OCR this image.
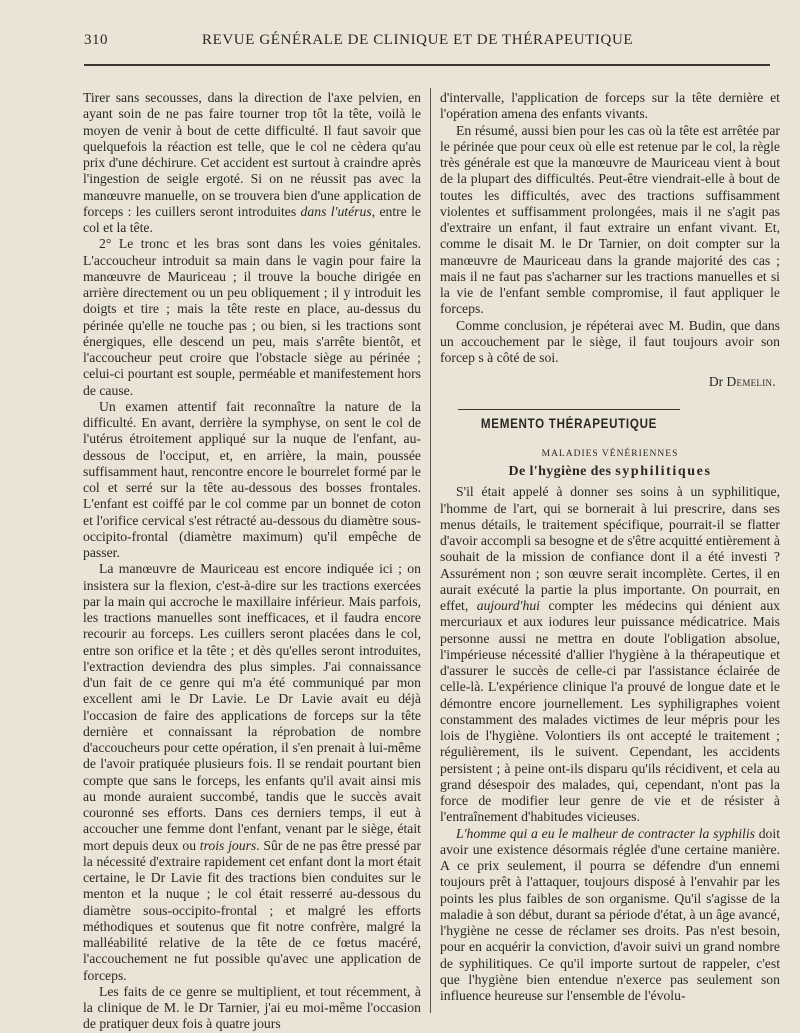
310	REVUE GÉNÉRALE DE CLINIQUE ET DE THÉRAPEUTIQUE

Tirer sans secousses, dans la direction de l'axe pelvien, en ayant soin de ne pas faire tourner trop tôt la tête, voilà le moyen de venir à bout de cette difficulté. Il faut savoir que quelquefois la réaction est telle, que le col ne cèdera qu'au prix d'une déchirure. Cet accident est surtout à craindre après l'ingestion de seigle ergoté. Si on ne réussit pas avec la manœuvre manuelle, on se trouvera bien d'une application de forceps : les cuillers seront introduites dans l'utérus, entre le col et la tête.

2° Le tronc et les bras sont dans les voies génitales. L'accoucheur introduit sa main dans le vagin pour faire la manœuvre de Mauriceau ; il trouve la bouche dirigée en arrière directement ou un peu obliquement ; il y introduit les doigts et tire ; mais la tête reste en place, au-dessus du périnée qu'elle ne touche pas ; ou bien, si les tractions sont énergiques, elle descend un peu, mais s'arrête bientôt, et l'accoucheur peut croire que l'obstacle siège au périnée ; celui-ci pourtant est souple, perméable et manifestement hors de cause.

Un examen attentif fait reconnaître la nature de la difficulté. En avant, derrière la symphyse, on sent le col de l'utérus étroitement appliqué sur la nuque de l'enfant, au-dessous de l'occiput, et, en arrière, la main, poussée suffisamment haut, rencontre encore le bourrelet formé par le col et serré sur la tête au-dessous des bosses frontales. L'enfant est coiffé par le col comme par un bonnet de coton et l'orifice cervical s'est rétracté au-dessous du diamètre sous-occipito-frontal (diamètre maximum) qu'il empêche de passer.

La manœuvre de Mauriceau est encore indiquée ici ; on insistera sur la flexion, c'est-à-dire sur les tractions exercées par la main qui accroche le maxillaire inférieur. Mais parfois, les tractions manuelles sont inefficaces, et il faudra encore recourir au forceps. Les cuillers seront placées dans le col, entre son orifice et la tête ; et dès qu'elles seront introduites, l'extraction deviendra des plus simples. J'ai connaissance d'un fait de ce genre qui m'a été communiqué par mon excellent ami le Dr Lavie. Le Dr Lavie avait eu déjà l'occasion de faire des applications de forceps sur la tête dernière et connaissant la réprobation de nombre d'accoucheurs pour cette opération, il s'en prenait à lui-même de l'avoir pratiquée plusieurs fois. Il se rendait pourtant bien compte que sans le forceps, les enfants qu'il avait ainsi mis au monde auraient succombé, tandis que le succès avait couronné ses efforts. Dans ces derniers temps, il eut à accoucher une femme dont l'enfant, venant par le siège, était mort depuis deux ou trois jours. Sûr de ne pas être pressé par la nécessité d'extraire rapidement cet enfant dont la mort était certaine, le Dr Lavie fit des tractions bien conduites sur le menton et la nuque ; le col était resserré au-dessous du diamètre sous-occipito-frontal ; et malgré les efforts méthodiques et soutenus que fit notre confrère, malgré la malléabilité relative de la tête de ce fœtus macéré, l'accouchement ne fut possible qu'avec une application de forceps.

Les faits de ce genre se multiplient, et tout récemment, à la clinique de M. le Dr Tarnier, j'ai eu moi-même l'occasion de pratiquer deux fois à quatre jours

d'intervalle, l'application de forceps sur la tête dernière et l'opération amena des enfants vivants.

En résumé, aussi bien pour les cas où la tête est arrêtée par le périnée que pour ceux où elle est retenue par le col, la règle très générale est que la manœuvre de Mauriceau vient à bout de la plupart des difficultés. Peut-être viendrait-elle à bout de toutes les difficultés, avec des tractions suffisamment violentes et suffisamment prolongées, mais il ne s'agit pas d'extraire un enfant, il faut extraire un enfant vivant. Et, comme le disait M. le Dr Tarnier, on doit compter sur la manœuvre de Mauriceau dans la grande majorité des cas ; mais il ne faut pas s'acharner sur les tractions manuelles et si la vie de l'enfant semble compromise, il faut appliquer le forceps.

Comme conclusion, je répéterai avec M. Budin, que dans un accouchement par le siège, il faut toujours avoir son forcep s à côté de soi.

Dr Demelin.
MEMENTO THÉRAPEUTIQUE
MALADIES VÉNÉRIENNES
De l'hygiène des syphilitiques

S'il était appelé à donner ses soins à un syphilitique, l'homme de l'art, qui se bornerait à lui prescrire, dans ses menus détails, le traitement spécifique, pourrait-il se flatter d'avoir accompli sa besogne et de s'être acquitté entièrement à souhait de la mission de confiance dont il a été investi ? Assurément non ; son œuvre serait incomplète. Certes, il en aurait exécuté la partie la plus importante. On pourrait, en effet, aujourd'hui compter les médecins qui dénient aux mercuriaux et aux iodures leur puissance médicatrice. Mais personne aussi ne mettra en doute l'obligation absolue, l'impérieuse nécessité d'allier l'hygiène à la thérapeutique et d'assurer le succès de celle-ci par l'assistance éclairée de celle-là. L'expérience clinique l'a prouvé de longue date et le démontre encore journellement. Les syphiligraphes voient constamment des malades victimes de leur mépris pour les lois de l'hygiène. Volontiers ils ont accepté le traitement ; régulièrement, ils le suivent. Cependant, les accidents persistent ; à peine ont-ils disparu qu'ils récidivent, et cela au grand désespoir des malades, qui, cependant, n'ont pas la force de modifier leur genre de vie et de résister à l'entraînement d'habitudes vicieuses.

L'homme qui a eu le malheur de contracter la syphilis doit avoir une existence désormais réglée d'une certaine manière. A ce prix seulement, il pourra se défendre d'un ennemi toujours prêt à l'attaquer, toujours disposé à l'envahir par les points les plus faibles de son organisme. Qu'il s'agisse de la maladie à son début, durant sa période d'état, à un âge avancé, l'hygiène ne cesse de réclamer ses droits. Pas n'est besoin, pour en acquérir la conviction, d'avoir suivi un grand nombre de syphilitiques. Ce qu'il importe surtout de rappeler, c'est que l'hygiène bien entendue n'exerce pas seulement son influence heureuse sur l'ensemble de l'évolu-
